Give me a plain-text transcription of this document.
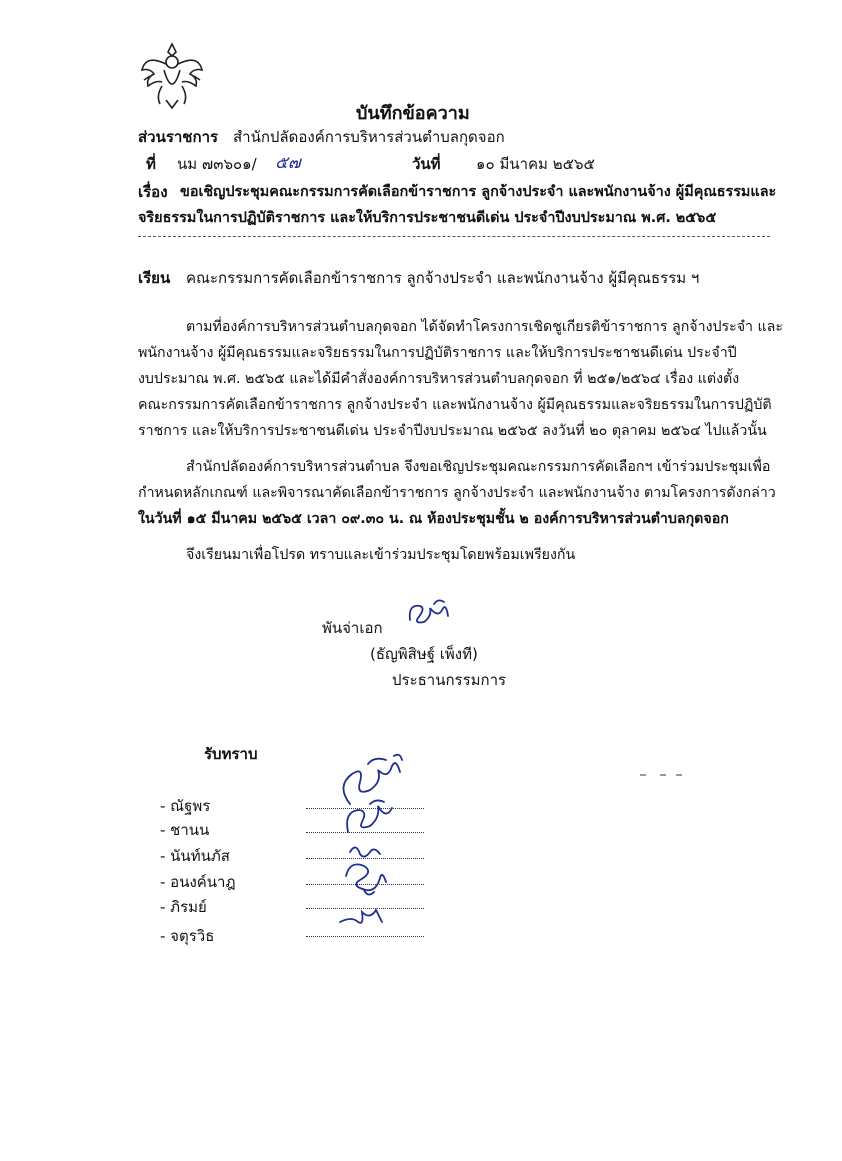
บันทึกข้อความ
ส่วนราชการ สำนักปลัดองค์การบริหารส่วนตำบลกุดจอก
ที่ นม ๗๓๖๐๑/ ๕๗	วันที่ ๑๐ มีนาคม ๒๕๖๕
เรื่อง ขอเชิญประชุมคณะกรรมการคัดเลือกข้าราชการ ลูกจ้างประจำ และพนักงานจ้าง ผู้มีคุณธรรมและ
จริยธรรมในการปฏิบัติราชการ และให้บริการประชาชนดีเด่น ประจำปีงบประมาณ พ.ศ. ๒๕๖๕
เรียน คณะกรรมการคัดเลือกข้าราชการ ลูกจ้างประจำ และพนักงานจ้าง ผู้มีคุณธรรม ฯ
ตามที่องค์การบริหารส่วนตำบลกุดจอก ได้จัดทำโครงการเชิดชูเกียรติข้าราชการ ลูกจ้างประจำ และ
พนักงานจ้าง ผู้มีคุณธรรมและจริยธรรมในการปฏิบัติราชการ และให้บริการประชาชนดีเด่น ประจำปี
งบประมาณ พ.ศ. ๒๕๖๕ และได้มีคำสั่งองค์การบริหารส่วนตำบลกุดจอก ที่ ๒๕๑/๒๕๖๔ เรื่อง แต่งตั้ง
คณะกรรมการคัดเลือกข้าราชการ ลูกจ้างประจำ และพนักงานจ้าง ผู้มีคุณธรรมและจริยธรรมในการปฏิบัติ
ราชการ และให้บริการประชาชนดีเด่น ประจำปีงบประมาณ ๒๕๖๕ ลงวันที่ ๒๐ ตุลาคม ๒๕๖๔ ไปแล้วนั้น
สำนักปลัดองค์การบริหารส่วนตำบล จึงขอเชิญประชุมคณะกรรมการคัดเลือกฯ เข้าร่วมประชุมเพื่อ
กำหนดหลักเกณฑ์ และพิจารณาคัดเลือกข้าราชการ ลูกจ้างประจำ และพนักงานจ้าง ตามโครงการดังกล่าว
ในวันที่ ๑๕ มีนาคม ๒๕๖๕ เวลา ๐๙.๓๐ น. ณ ห้องประชุมชั้น ๒ องค์การบริหารส่วนตำบลกุดจอก
จึงเรียนมาเพื่อโปรด ทราบและเข้าร่วมประชุมโดยพร้อมเพรียงกัน
พันจ่าเอก
(ธัญพิสิษฐ์ เพ็งที)
ประธานกรรมการ
รับทราบ
- ณัฐพร
- ชานน
- นันท์นภัส
- อนงค์นาฎ
- ภิรมย์
- จตุรวิธ
